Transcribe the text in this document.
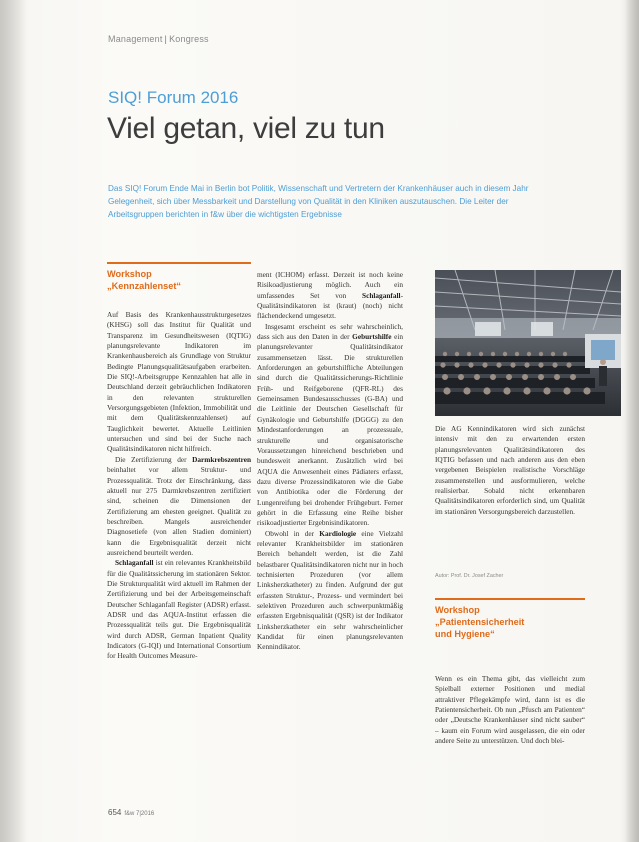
Management | Kongress
SIQ! Forum 2016
Viel getan, viel zu tun
Das SIQ! Forum Ende Mai in Berlin bot Politik, Wissenschaft und Vertretern der Krankenhäuser auch in diesem Jahr Gelegenheit, sich über Messbarkeit und Darstellung von Qualität in den Kliniken auszutauschen. Die Leiter der Arbeitsgruppen berichten in f&w über die wichtigsten Ergebnisse
Workshop
„Kennzahlenset“

Auf Basis des Krankenhausstrukturgesetzes (KHSG) soll das Institut für Qualität und Transparenz im Gesundheitswesen (IQTIG) planungsrelevante Indikatoren im Krankenhausbereich als Grundlage von Struktur Bedingte Planungsqualitätsaufgaben erarbeiten. Die SIQ!-Arbeitsgruppe Kennzahlen hat alle in Deutschland derzeit gebräuchlichen Indikatoren in den relevanten strukturellen Versorgungsgebieten (Infektion, Immobilität und mit dem Qualitätskennzahlenset) auf Tauglichkeit bewertet. Aktuelle Leitlinien untersuchen und sind bei der Suche nach Qualitätsindikatoren nicht hilfreich.

Die Zertifizierung der Darmkrebszentren beinhaltet vor allem Struktur- und Prozessqualität. Trotz der Einschränkung, dass aktuell nur 275 Darmkrebszentren zertifiziert sind, scheinen die Dimensionen der Zertifizierung am ehesten geeignet. Qualität zu beschreiben. Mangels ausreichender Diagnosetiefe (von allen Stadien dominiert) kann die Ergebnisqualität derzeit nicht ausreichend beurteilt werden.

Schlaganfall ist ein relevantes Krankheitsbild für die Qualitätssicherung im stationären Sektor. Die Strukturqualität wird aktuell im Rahmen der Zertifizierung und bei der Arbeitsgemeinschaft Deutscher Schlaganfall Register (ADSR) erfasst. ADSR und das AQUA-Institut erfassen die Prozessqualität teils gut. Die Ergebnisqualität wird durch ADSR, German Inpatient Quality Indicators (G-IQI) und International Consortium for Health Outcomes Measure-

ment (ICHOM) erfasst. Derzeit ist noch keine Risikoadjustierung möglich. Auch ein umfassendes Set von Schlaganfall-Qualitätsindikatoren ist (kraut) (noch) nicht flächendeckend umgesetzt.

Insgesamt erscheint es sehr wahrscheinlich, dass sich aus den Daten in der Geburtshilfe ein planungsrelevanter Qualitätsindikator zusammensetzen lässt. Die strukturellen Anforderungen an geburtshilfliche Abteilungen sind durch die Qualitätssicherungs-Richtlinie Früh- und Reifgeborene (QFR-RL) des Gemeinsamen Bundesausschusses (G-BA) und die Leitlinie der Deutschen Gesellschaft für Gynäkologie und Geburtshilfe (DGGG) zu den Mindestanforderungen an prozessuale, strukturelle und organisatorische Voraussetzungen hinreichend beschrieben und bundesweit anerkannt. Zusätzlich wird bei AQUA die Anwesenheit eines Pädiaters erfasst, dazu diverse Prozessindikatoren wie die Gabe von Antibiotika oder die Förderung der Lungenreifung bei drohender Frühgeburt. Ferner gehört in die Erfassung eine Reihe bisher risikoadjustierter Ergebnisindikatoren.

Obwohl in der Kardiologie eine Vielzahl relevanter Krankheitsbilder im stationären Bereich behandelt werden, ist die Zahl belastbarer Qualitätsindikatoren nicht nur in hoch technisierten Prozeduren (vor allem Linksherzkatheter) zu finden. Aufgrund der gut erfassten Struktur-, Prozess- und vermindert bei selektiven Prozeduren auch schwerpunktmäßig erfassten Ergebnisqualität (QSR) ist der Indikator Linksherzkatheter ein sehr wahrscheinlicher Kandidat für einen planungsrelevanten Kennindikator.

Die AG Kennindikatoren wird sich zunächst intensiv mit den zu erwartenden ersten planungsrelevanten Qualitätsindikatoren des IQTIG befassen und nach anderen aus den eben vergebenen Beispielen realistische Vorschläge zusammenstellen und ausformulieren, welche realisierbar. Sobald nicht erkennbaren Qualitätsindikatoren erforderlich sind, um Qualität im stationären Versorgungsbereich darzustellen.

Autor: Prof. Dr. Josef Zacher
Workshop
„Patientensicherheit
und Hygiene“

Wenn es ein Thema gibt, das vielleicht zum Spielball externer Positionen und medial attraktiver Pflegekämpfe wird, dann ist es die Patientensicherheit. Ob nun „Pfusch am Patienten“ oder „Deutsche Krankenhäuser sind nicht sauber“ – kaum ein Forum wird ausgelassen, die ein oder andere Seite zu unterstützen. Und doch blei-

654 f&w 7|2016
